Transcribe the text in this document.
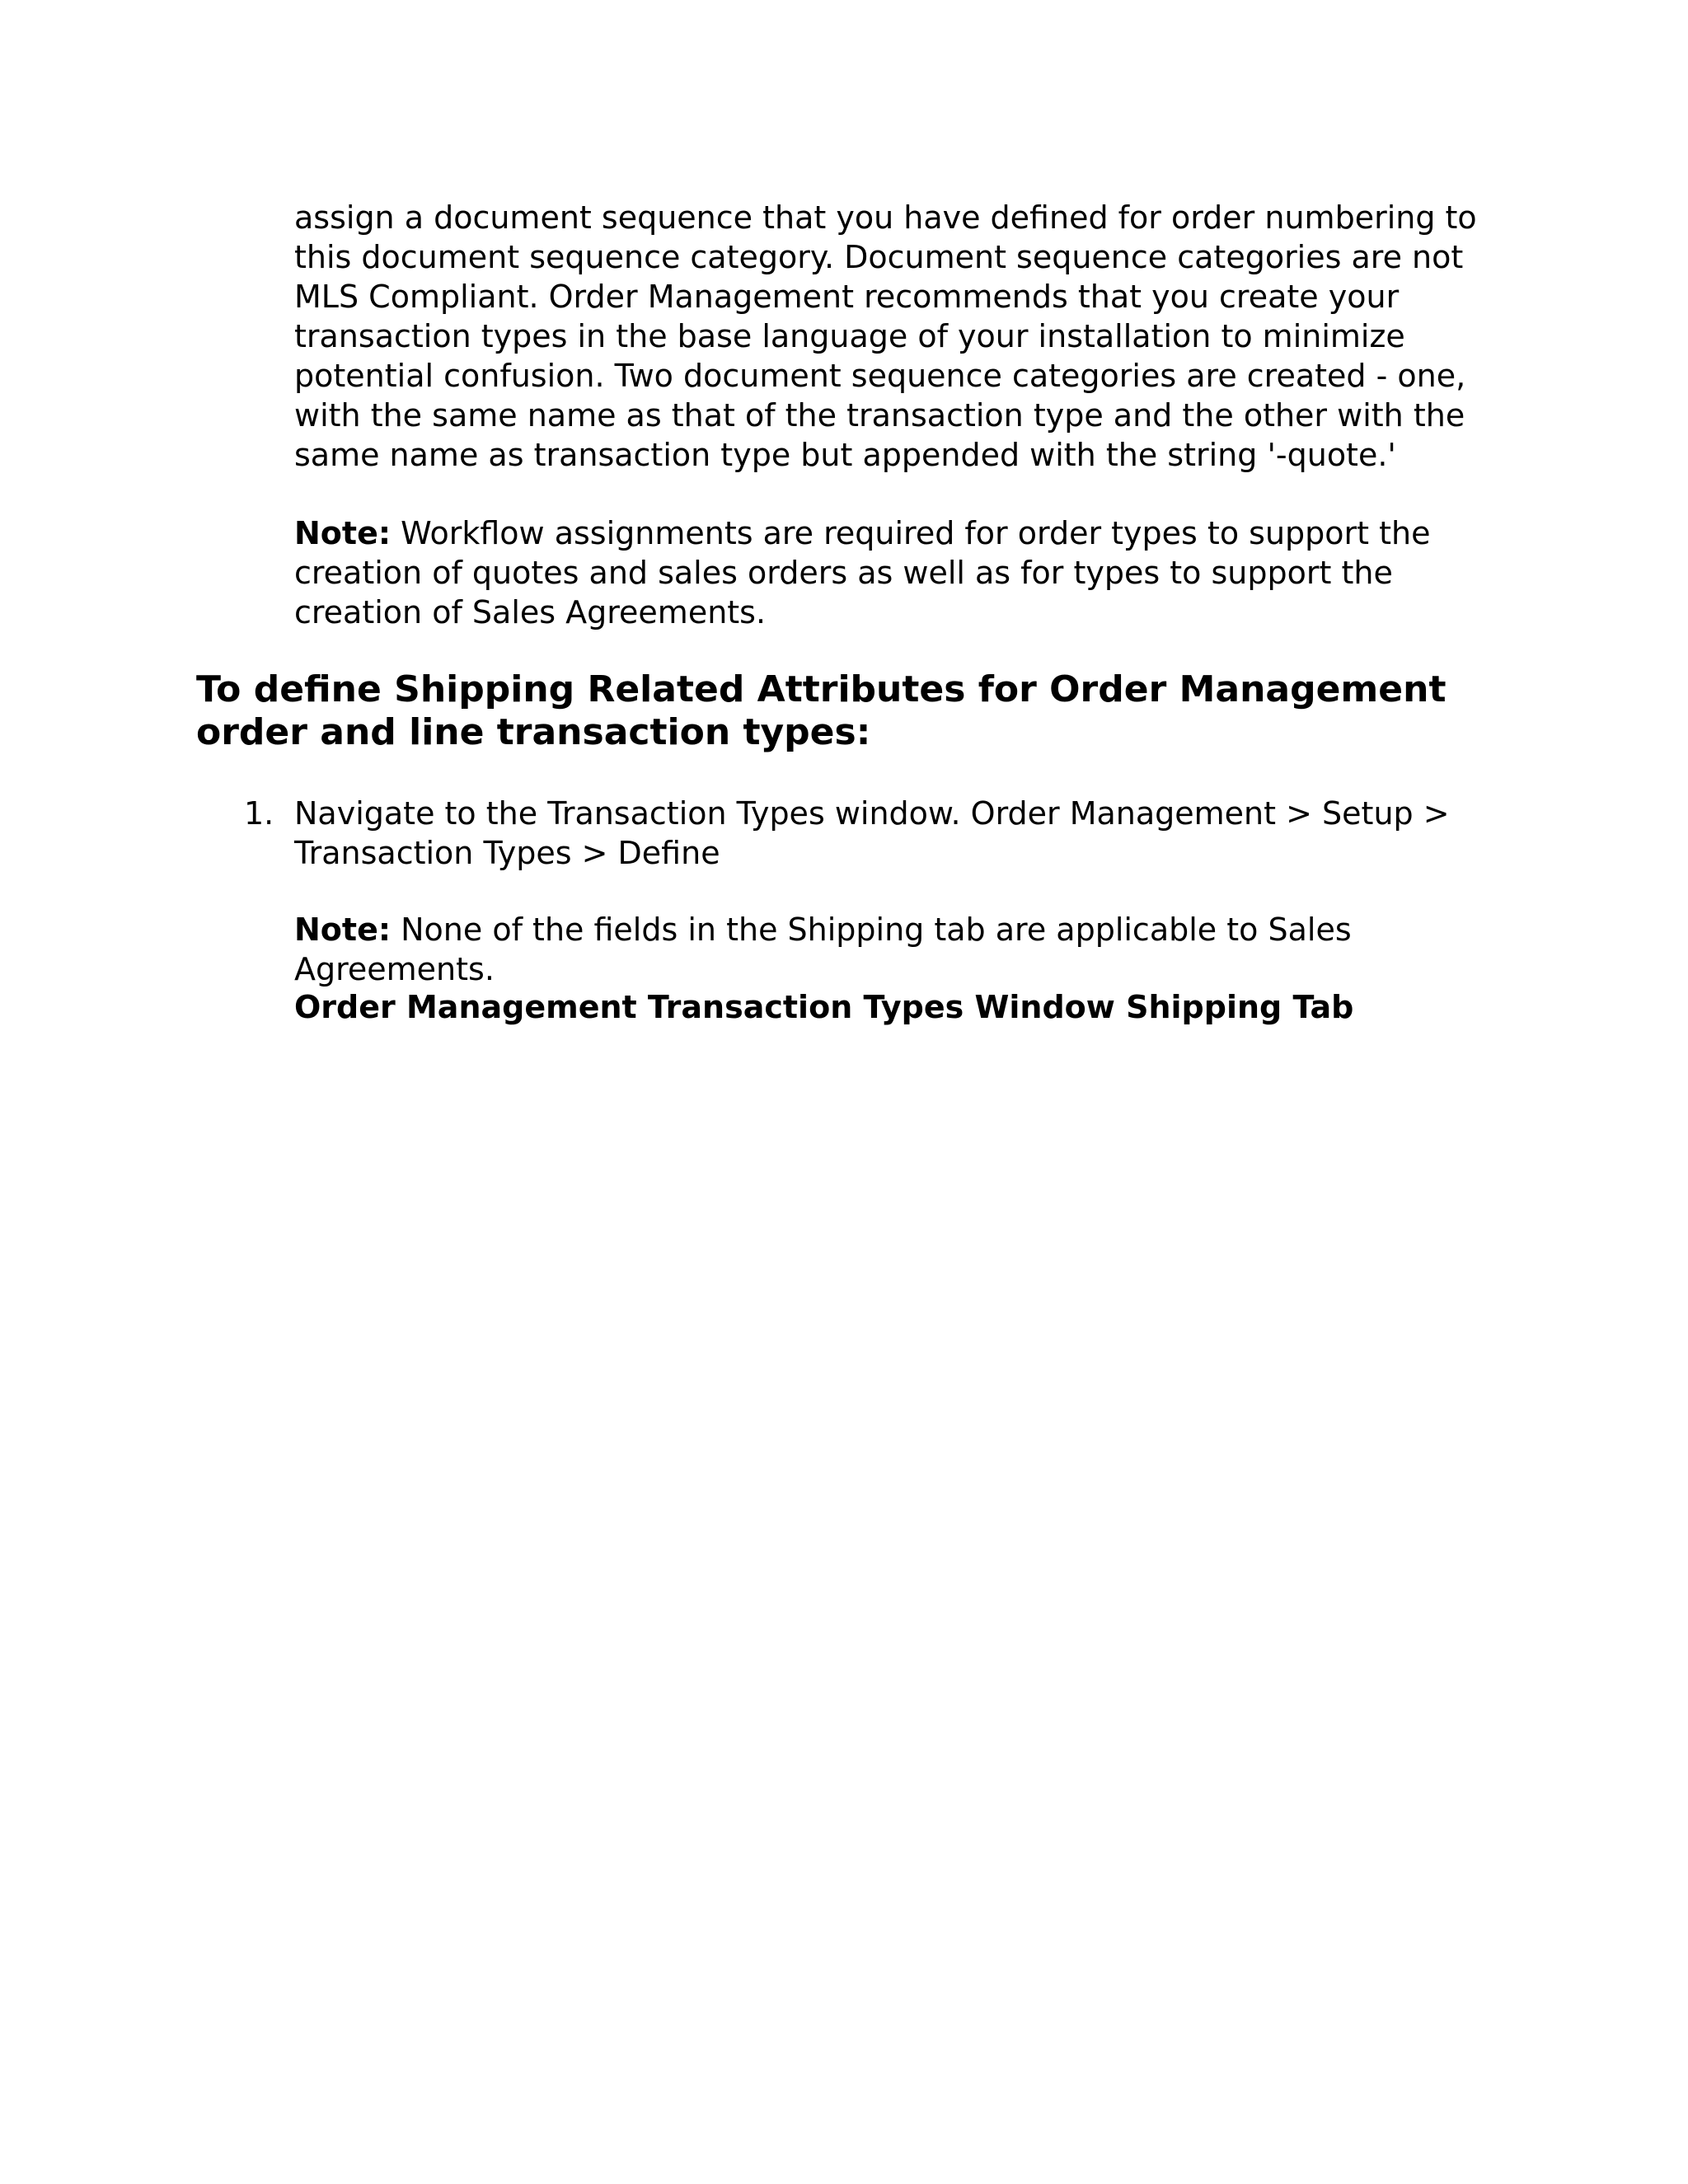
assign a document sequence that you have defined for order numbering to this document sequence category. Document sequence categories are not MLS Compliant. Order Management recommends that you create your transaction types in the base language of your installation to minimize potential confusion. Two document sequence categories are created - one, with the same name as that of the transaction type and the other with the same name as transaction type but appended with the string '-quote.'

Note: Workflow assignments are required for order types to support the creation of quotes and sales orders as well as for types to support the creation of Sales Agreements.

To define Shipping Related Attributes for Order Management order and line transaction types:
1. Navigate to the Transaction Types window. Order Management > Setup > Transaction Types > Define

Note: None of the fields in the Shipping tab are applicable to Sales Agreements.

Order Management Transaction Types Window Shipping Tab
